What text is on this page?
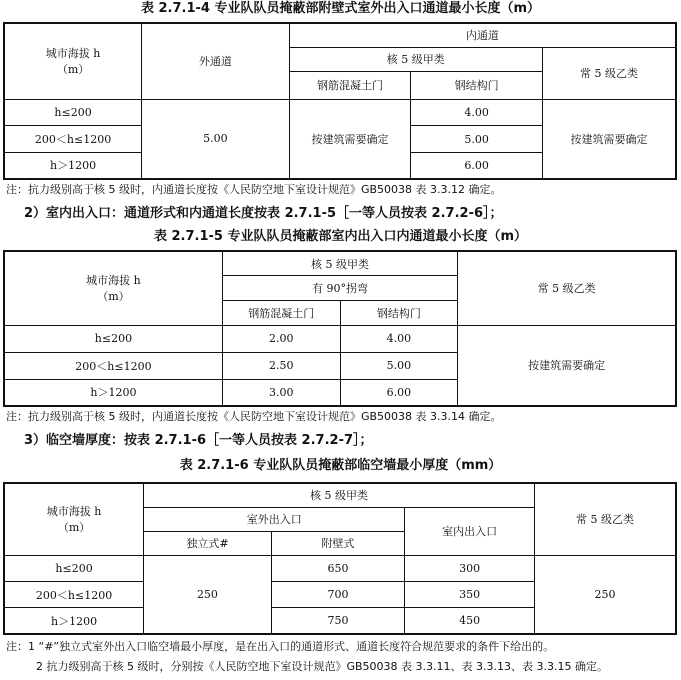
表 2.7.1-4 专业队队员掩蔽部附壁式室外出入口通道最小长度（m）
城市海拔 h
（m）	外通道	内通道		
		核 5 级甲类		常 5 级乙类
		钢筋混凝土门	钢结构门	
h≤200	5.00	按建筑需要确定	4.00	按建筑需要确定
200＜h≤1200			5.00	
h＞1200			6.00	
注：抗力级别高于核 5 级时，内通道长度按《人民防空地下室设计规范》GB50038 表 3.3.12 确定。
2）室内出入口：通道形式和内通道长度按表 2.7.1-5［一等人员按表 2.7.2-6］；
表 2.7.1-5 专业队队员掩蔽部室内出入口内通道最小长度（m）
城市海拔 h
（m）	核 5 级甲类		常 5 级乙类
	有 90°拐弯		
	钢筋混凝土门	钢结构门	
h≤200	2.00	4.00	按建筑需要确定
200＜h≤1200	2.50	5.00	
h＞1200	3.00	6.00	
注：抗力级别高于核 5 级时，内通道长度按《人民防空地下室设计规范》GB50038 表 3.3.14 确定。
3）临空墙厚度：按表 2.7.1-6［一等人员按表 2.7.2-7］；
表 2.7.1-6 专业队队员掩蔽部临空墙最小厚度（mm）
城市海拔 h
（m）	核 5 级甲类			常 5 级乙类
	室外出入口		室内出入口	
	独立式#	附壁式		
h≤200	250	650	300	250
200＜h≤1200		700	350	
h＞1200		750	450	
注：1 “#”独立式室外出入口临空墙最小厚度，是在出入口的通道形式、通道长度符合规范要求的条件下给出的。
2 抗力级别高于核 5 级时，分别按《人民防空地下室设计规范》GB50038 表 3.3.11、表 3.3.13、表 3.3.15 确定。
